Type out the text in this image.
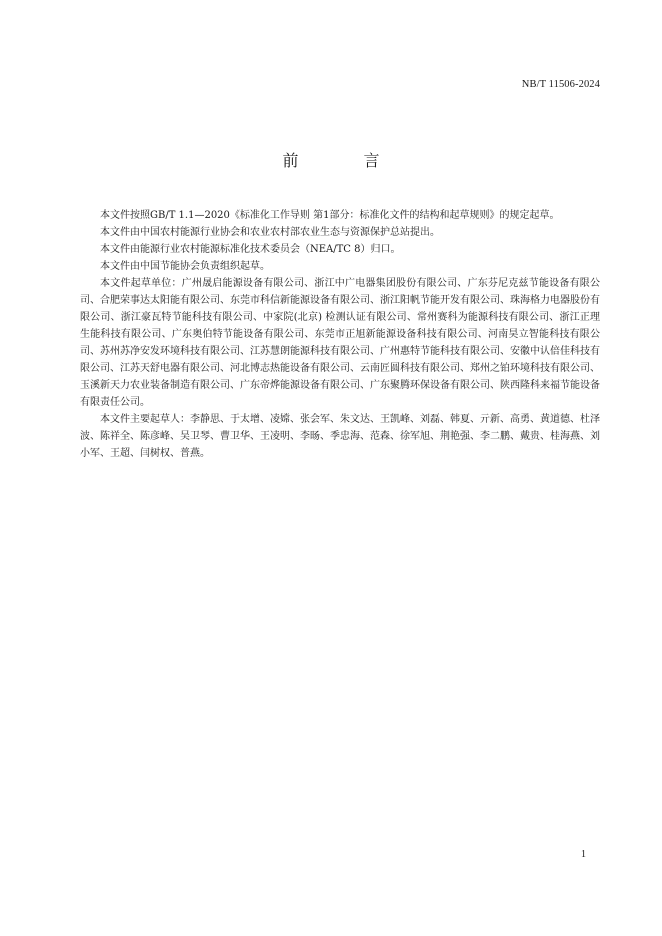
NB/T 11506-2024
前 言

本文件按照GB/T 1.1—2020《标准化工作导则 第1部分：标准化文件的结构和起草规则》的规定起草。

本文件由中国农村能源行业协会和农业农村部农业生态与资源保护总站提出。

本文件由能源行业农村能源标准化技术委员会（NEA/TC 8）归口。

本文件由中国节能协会负责组织起草。

本文件起草单位：广州晟启能源设备有限公司、浙江中广电器集团股份有限公司、广东芬尼克兹节能设备有限公司、合肥荣事达太阳能有限公司、东莞市科信新能源设备有限公司、浙江阳帆节能开发有限公司、珠海格力电器股份有限公司、浙江豪瓦特节能科技有限公司、中家院(北京) 检测认证有限公司、常州赛科为能源科技有限公司、浙江正理生能科技有限公司、广东奥伯特节能设备有限公司、东莞市正旭新能源设备科技有限公司、河南昊立智能科技有限公司、苏州苏净安发环境科技有限公司、江苏慧朗能源科技有限公司、广州惠特节能科技有限公司、安徽中认倍佳科技有限公司、江苏天舒电器有限公司、河北博志热能设备有限公司、云南匠圆科技有限公司、郑州之铂环境科技有限公司、玉溪新天力农业装备制造有限公司、广东帝烨能源设备有限公司、广东聚腾环保设备有限公司、陕西隆科来福节能设备有限责任公司。

本文件主要起草人：李静思、于太增、凌嫦、张会军、朱文达、王凯峰、刘磊、韩夏、亓新、高勇、黄道德、杜泽波、陈祥全、陈彦峰、吴卫琴、曹卫华、王凌明、李旸、季忠海、范森、徐军旭、荆艳强、李二鹏、戴贵、桂海燕、刘小军、王超、闫树权、普燕。

1
